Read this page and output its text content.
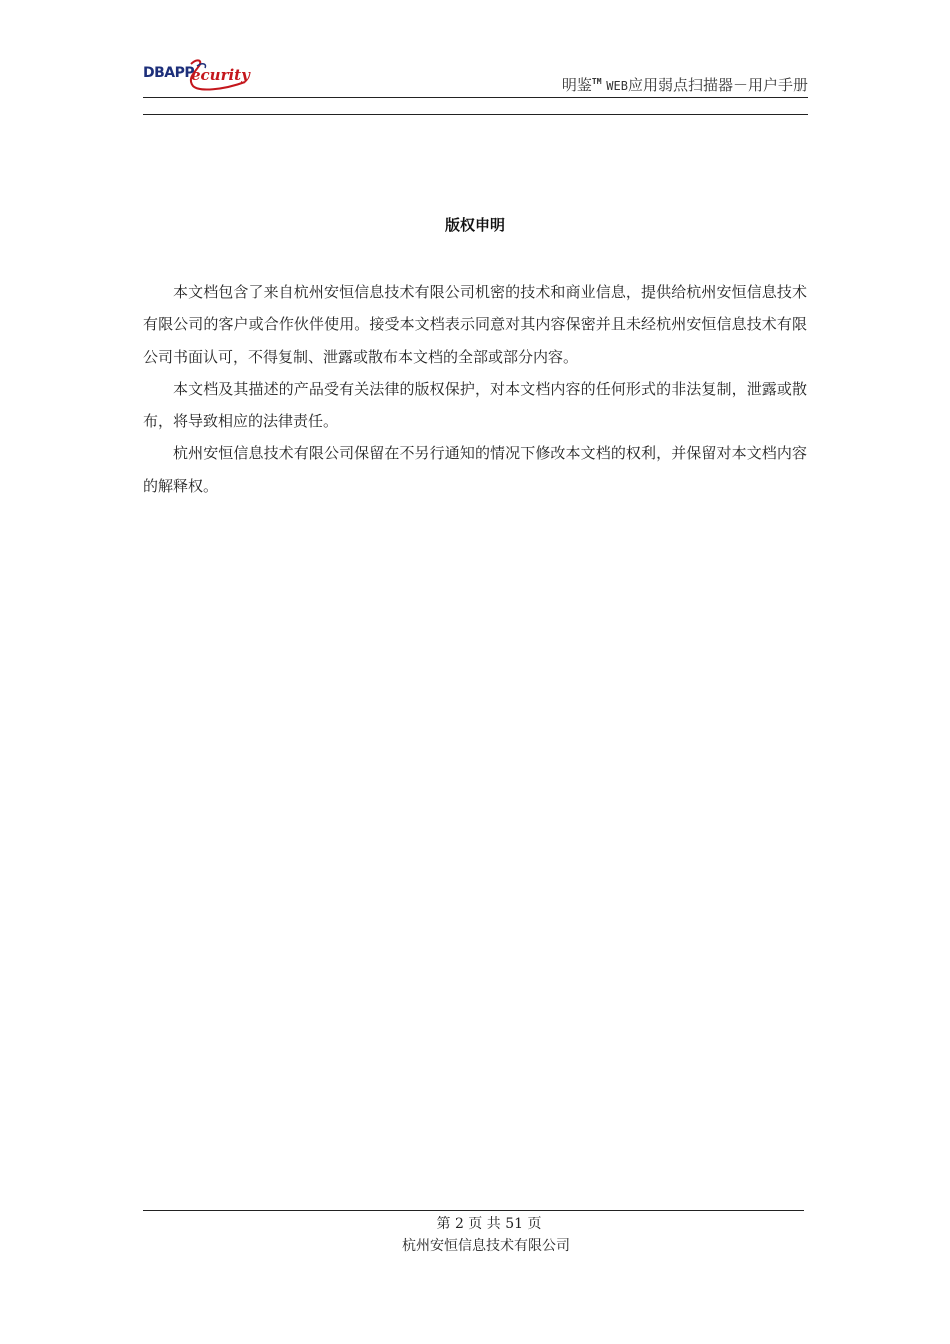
DBAPP
ecurity
明鉴™ WEB应用弱点扫描器－用户手册
版权申明

本文档包含了来自杭州安恒信息技术有限公司机密的技术和商业信息，提供给杭州安恒信息技术有限公司的客户或合作伙伴使用。接受本文档表示同意对其内容保密并且未经杭州安恒信息技术有限公司书面认可，不得复制、泄露或散布本文档的全部或部分内容。

本文档及其描述的产品受有关法律的版权保护，对本文档内容的任何形式的非法复制，泄露或散布，将导致相应的法律责任。

杭州安恒信息技术有限公司保留在不另行通知的情况下修改本文档的权利，并保留对本文档内容的解释权。

第 2 页 共 51 页
杭州安恒信息技术有限公司
